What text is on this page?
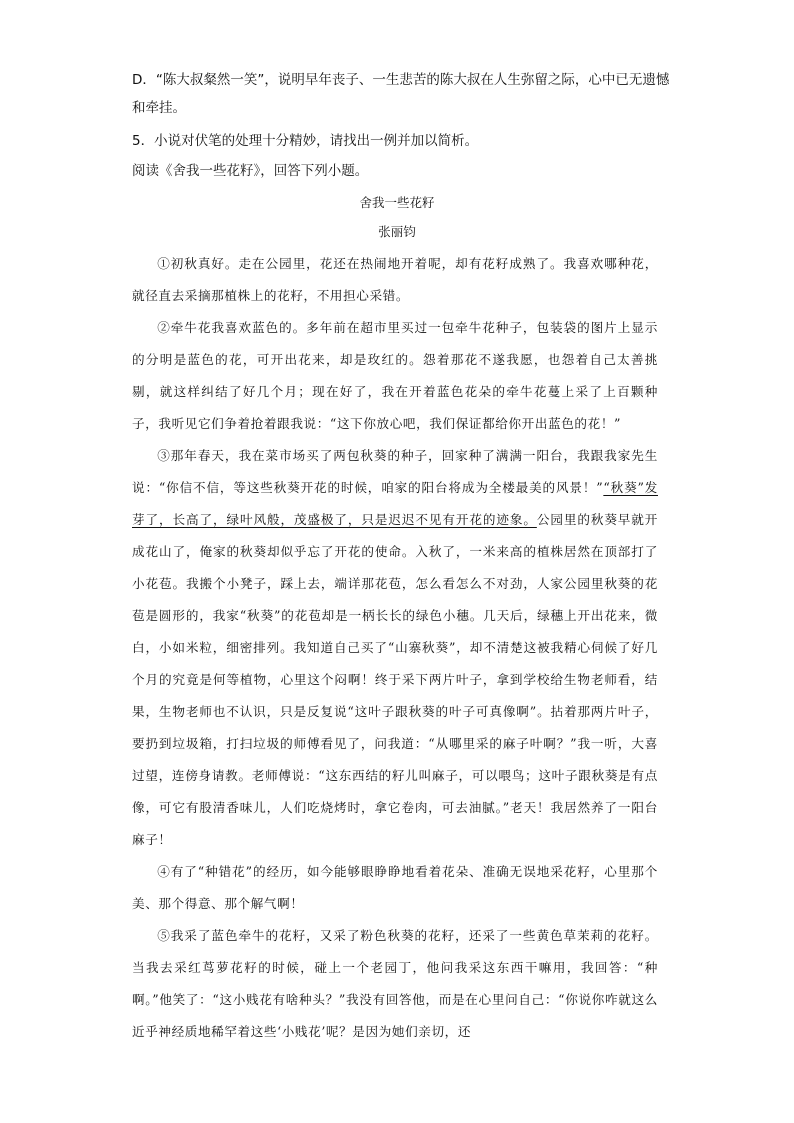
D．“陈大叔粲然一笑”，说明早年丧子、一生悲苦的陈大叔在人生弥留之际，心中已无遗憾和牵挂。

5．小说对伏笔的处理十分精妙，请找出一例并加以简析。

阅读《舍我一些花籽》，回答下列小题。

舍我一些花籽
张丽钧

①初秋真好。走在公园里，花还在热闹地开着呢，却有花籽成熟了。我喜欢哪种花，就径直去采摘那植株上的花籽，不用担心采错。

②牵牛花我喜欢蓝色的。多年前在超市里买过一包牵牛花种子，包装袋的图片上显示的分明是蓝色的花，可开出花来，却是玫红的。怨着那花不遂我愿，也怨着自己太善挑剔，就这样纠结了好几个月；现在好了，我在开着蓝色花朵的牵牛花蔓上采了上百颗种子，我听见它们争着抢着跟我说：“这下你放心吧，我们保证都给你开出蓝色的花！”

③那年春天，我在菜市场买了两包秋葵的种子，回家种了满满一阳台，我跟我家先生说：“你信不信，等这些秋葵开花的时候，咱家的阳台将成为全楼最美的风景！”“秋葵”发芽了，长高了，绿叶风般，茂盛极了，只是迟迟不见有开花的迹象。公园里的秋葵早就开成花山了，俺家的秋葵却似乎忘了开花的使命。入秋了，一米来高的植株居然在顶部打了小花苞。我搬个小凳子，踩上去，端详那花苞，怎么看怎么不对劲，人家公园里秋葵的花苞是圆形的，我家“秋葵”的花苞却是一柄长长的绿色小穗。几天后，绿穗上开出花来，微白，小如米粒，细密排列。我知道自己买了“山寨秋葵”，却不清楚这被我精心伺候了好几个月的究竟是何等植物，心里这个闷啊！终于采下两片叶子，拿到学校给生物老师看，结果，生物老师也不认识，只是反复说“这叶子跟秋葵的叶子可真像啊”。拈着那两片叶子，要扔到垃圾箱，打扫垃圾的师傅看见了，问我道：“从哪里采的麻子叶啊？”我一听，大喜过望，连傍身请教。老师傅说：“这东西结的籽儿叫麻子，可以喂鸟；这叶子跟秋葵是有点像，可它有股清香味儿，人们吃烧烤时，拿它卷肉，可去油腻。”老天！我居然养了一阳台麻子！

④有了“种错花”的经历，如今能够眼睁睁地看着花朵、准确无误地采花籽，心里那个美、那个得意、那个解气啊！

⑤我采了蓝色牵牛的花籽，又采了粉色秋葵的花籽，还采了一些黄色草茉莉的花籽。当我去采红茑萝花籽的时候，碰上一个老园丁，他问我采这东西干嘛用，我回答：“种啊。”他笑了：“这小贱花有啥种头？”我没有回答他，而是在心里问自己：“你说你咋就这么近乎神经质地稀罕着这些‘小贱花’呢？是因为她们亲切，还
